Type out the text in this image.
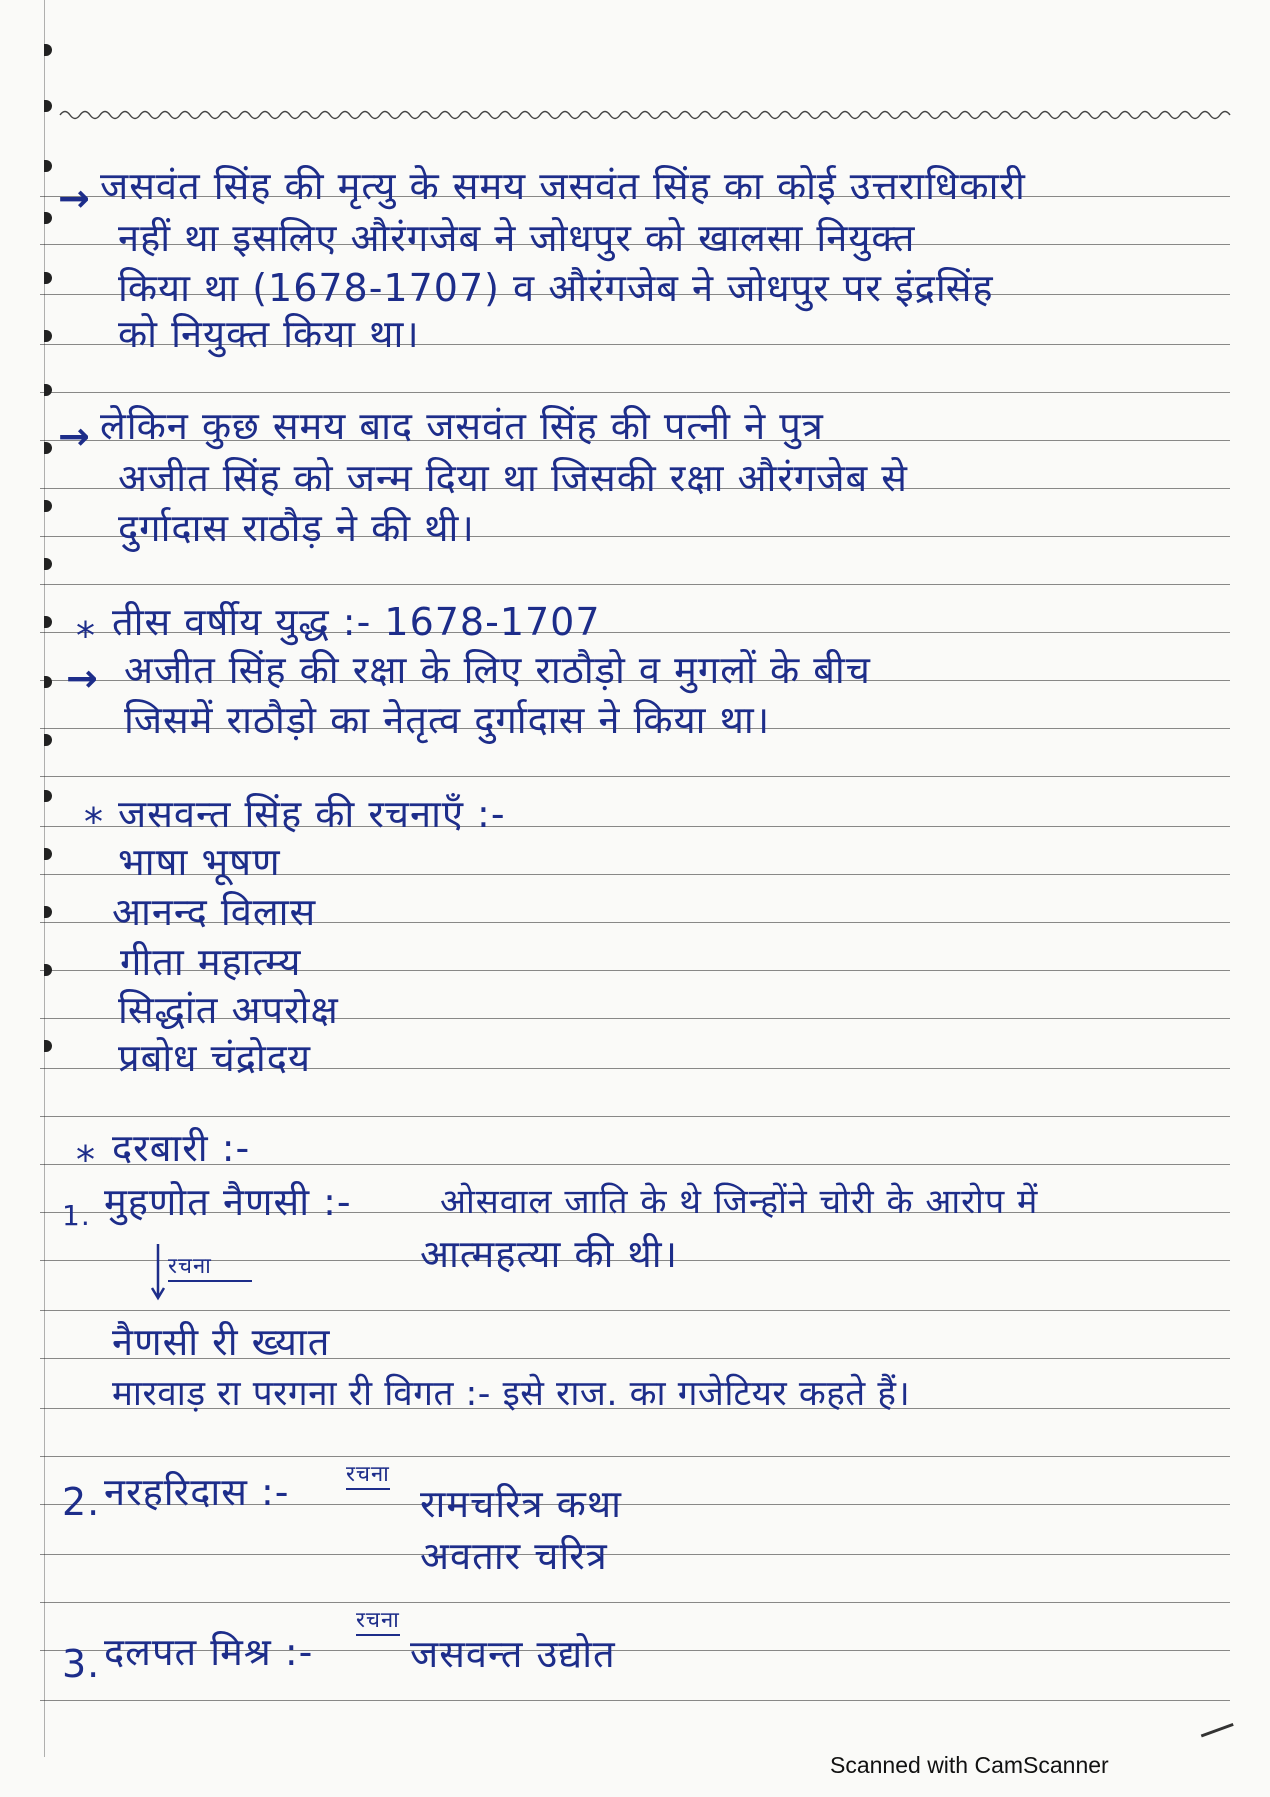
→ जसवंत सिंह की मृत्यु के समय जसवंत सिंह का कोई उत्तराधिकारी
नहीं था इसलिए औरंगजेब ने जोधपुर को खालसा नियुक्त
किया था (1678-1707) व औरंगजेब ने जोधपुर पर इंद्रसिंह
को नियुक्त किया था।
→ लेकिन कुछ समय बाद जसवंत सिंह की पत्नी ने पुत्र
अजीत सिंह को जन्म दिया था जिसकी रक्षा औरंगजेब से
दुर्गादास राठौड़ ने की थी।
* तीस वर्षीय युद्ध :- 1678-1707
→ अजीत सिंह की रक्षा के लिए राठौड़ो व मुगलों के बीच
जिसमें राठौड़ो का नेतृत्व दुर्गादास ने किया था।
* जसवन्त सिंह की रचनाएँ :-
भाषा भूषण
आनन्द विलास
गीता महात्म्य
सिद्धांत अपरोक्ष
प्रबोध चंद्रोदय
* दरबारी :-
1. मुहणोत नैणसी :-	ओसवाल जाति के थे जिन्होंने चोरी के आरोप में
आत्महत्या की थी।
रचना
नैणसी री ख्यात
मारवाड़ रा परगना री विगत :- इसे राज. का गजेटियर कहते हैं।
2. नरहरिदास :-	रचना
रामचरित्र कथा
अवतार चरित्र
3. दलपत मिश्र :-
रचना
जसवन्त उद्योत
Scanned with CamScanner
